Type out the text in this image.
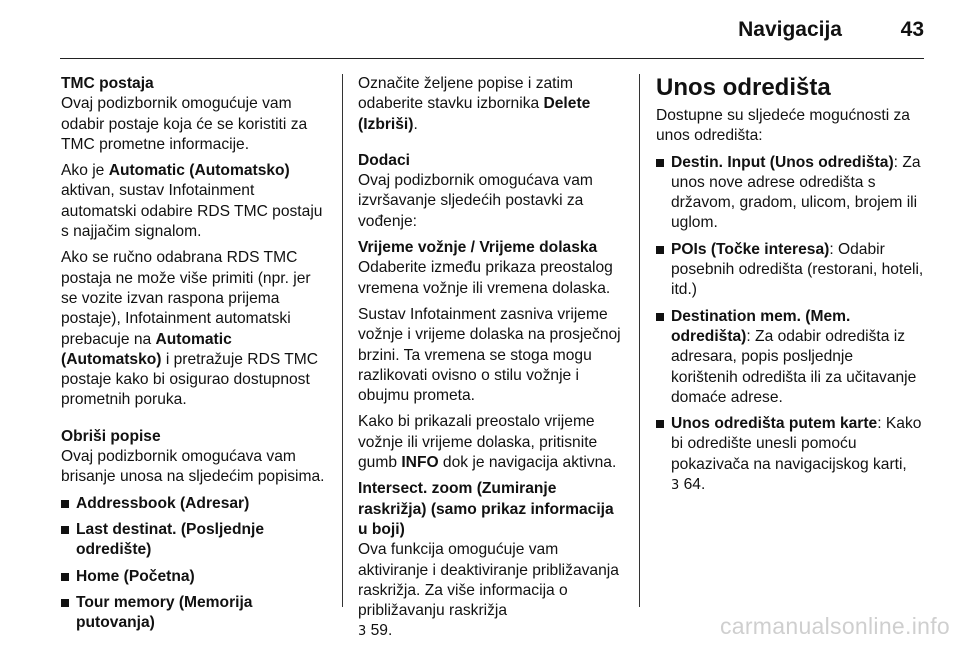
Navigacija	43

TMC postaja

Ovaj podizbornik omogućuje vam odabir postaje koja će se koristiti za TMC prometne informacije.

Ako je Automatic (Automatsko) aktivan, sustav Infotainment automatski odabire RDS TMC postaju s najjačim signalom.

Ako se ručno odabrana RDS TMC postaja ne može više primiti (npr. jer se vozite izvan raspona prijema postaje), Infotainment automatski prebacuje na Automatic (Automatsko) i pretražuje RDS TMC postaje kako bi osigurao dostupnost prometnih poruka.

Obriši popise

Ovaj podizbornik omogućava vam brisanje unosa na sljedećim popisima.

Addressbook (Adresar)
Last destinat. (Posljednje odredište)
Home (Početna)
Tour memory (Memorija putovanja)

Označite željene popise i zatim odaberite stavku izbornika Delete (Izbriši).

Dodaci

Ovaj podizbornik omogućava vam izvršavanje sljedećih postavki za vođenje:

Vrijeme vožnje / Vrijeme dolaska

Odaberite između prikaza preostalog vremena vožnje ili vremena dolaska.

Sustav Infotainment zasniva vrijeme vožnje i vrijeme dolaska na prosječnoj brzini. Ta vremena se stoga mogu razlikovati ovisno o stilu vožnje i obujmu prometa.

Kako bi prikazali preostalo vrijeme vožnje ili vrijeme dolaska, pritisnite gumb INFO dok je navigacija aktivna.

Intersect. zoom (Zumiranje raskrižja) (samo prikaz informacija u boji)

Ova funkcija omogućuje vam aktiviranje i deaktiviranje približavanja raskrižja. Za više informacija o približavanju raskrižja
3 59.

Unos odredišta

Dostupne su sljedeće mogućnosti za unos odredišta:

Destin. Input (Unos odredišta): Za unos nove adrese odredišta s državom, gradom, ulicom, brojem ili uglom.
POIs (Točke interesa): Odabir posebnih odredišta (restorani, hoteli, itd.)
Destination mem. (Mem. odredišta): Za odabir odredišta iz adresara, popis posljednje korištenih odredišta ili za učitavanje domaće adrese.
Unos odredišta putem karte: Kako bi odredište unesli pomoću pokazivača na navigacijskog karti,
3 64.
carmanualsonline.info
